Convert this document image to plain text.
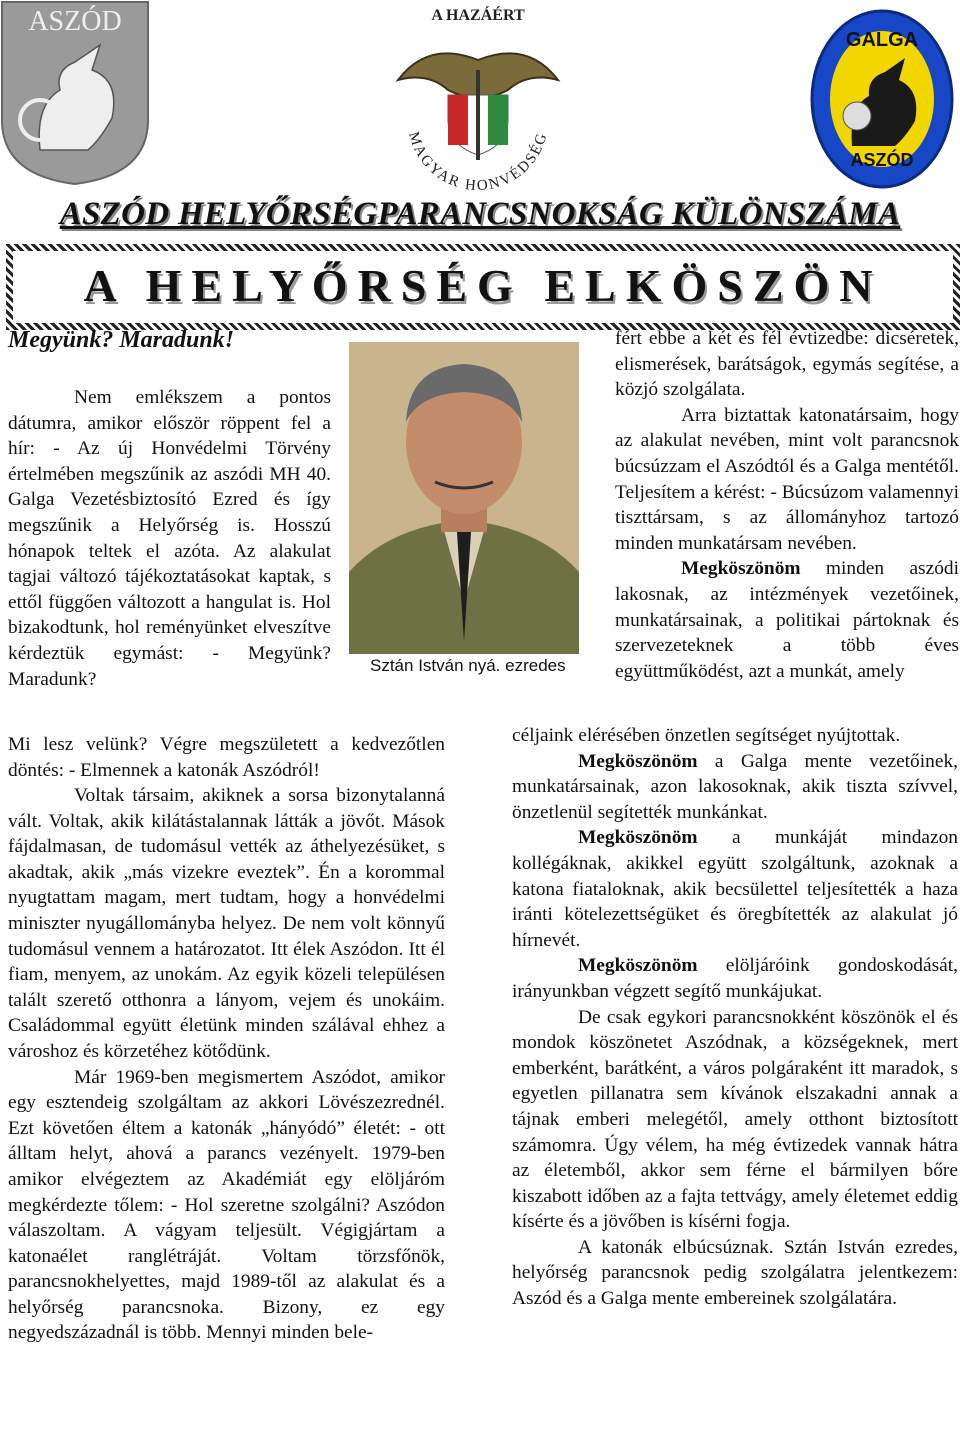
ASZÓD	A HAZÁÉRT
MAGYAR HONVÉDSÉG
GALGA
ASZÓD
ASZÓD HELYŐRSÉGPARANCSNOKSÁG KÜLÖNSZÁMA
A HELYŐRSÉG ELKÖSZÖN
Megyünk? Maradunk!

Nem emlékszem a pontos dátumra, amikor először röppent fel a hír: - Az új Honvédelmi Törvény értelmében megszűnik az aszódi MH 40. Galga Vezetésbiztosító Ezred és így megszűnik a Helyőrség is. Hosszú hónapok teltek el azóta. Az alakulat tagjai változó tájékoztatásokat kaptak, s ettől függően változott a hangulat is. Hol bizakodtunk, hol reményünket elveszítve kérdeztük egymást: - Megyünk? Maradunk?

Sztán István nyá. ezredes

fért ebbe a két és fél évtizedbe: dicséretek, elismerések, barátságok, egymás segítése, a közjó szolgálata.

Arra biztattak katonatársaim, hogy az alakulat nevében, mint volt parancsnok búcsúzzam el Aszódtól és a Galga mentétől. Teljesítem a kérést: - Búcsúzom valamennyi tiszttársam, s az állományhoz tartozó minden munkatársam nevében.

Megköszönöm minden aszódi lakosnak, az intézmények vezetőinek, munkatársainak, a politikai pártoknak és szervezeteknek a több éves együttműködést, azt a munkát, amely

Mi lesz velünk? Végre megszületett a kedvezőtlen döntés: - Elmennek a katonák Aszódról!

Voltak társaim, akiknek a sorsa bizonytalanná vált. Voltak, akik kilátástalannak látták a jövőt. Mások fájdalmasan, de tudomásul vették az áthelyezésüket, s akadtak, akik „más vizekre eveztek”. Én a korommal nyugtattam magam, mert tudtam, hogy a honvédelmi miniszter nyugállományba helyez. De nem volt könnyű tudomásul vennem a határozatot. Itt élek Aszódon. Itt él fiam, menyem, az unokám. Az egyik közeli településen talált szerető otthonra a lányom, vejem és unokáim. Családommal együtt életünk minden szálával ehhez a városhoz és körzetéhez kötődünk.

Már 1969-ben megismertem Aszódot, amikor egy esztendeig szolgáltam az akkori Lövészezrednél. Ezt követően éltem a katonák „hányódó” életét: - ott álltam helyt, ahová a parancs vezényelt. 1979-ben amikor elvégeztem az Akadémiát egy elöljáróm megkérdezte tőlem: - Hol szeretne szolgálni? Aszódon válaszoltam. A vágyam teljesült. Végigjártam a katonaélet ranglétráját. Voltam törzsfőnök, parancsnokhelyettes, majd 1989-től az alakulat és a helyőrség parancsnoka. Bizony, ez egy negyedszázadnál is több. Mennyi minden bele-

céljaink elérésében önzetlen segítséget nyújtottak.

Megköszönöm a Galga mente vezetőinek, munkatársainak, azon lakosoknak, akik tiszta szívvel, önzetlenül segítették munkánkat.

Megköszönöm a munkáját mindazon kollégáknak, akikkel együtt szolgáltunk, azoknak a katona fiataloknak, akik becsülettel teljesítették a haza iránti kötelezettségüket és öregbítették az alakulat jó hírnevét.

Megköszönöm elöljáróink gondoskodását, irányunkban végzett segítő munkájukat.

De csak egykori parancsnokként köszönök el és mondok köszönetet Aszódnak, a községeknek, mert emberként, barátként, a város polgáraként itt maradok, s egyetlen pillanatra sem kívánok elszakadni annak a tájnak emberi melegétől, amely otthont biztosított számomra. Úgy vélem, ha még évtizedek vannak hátra az életemből, akkor sem férne el bármilyen bőre kiszabott időben az a fajta tettvágy, amely életemet eddig kísérte és a jövőben is kísérni fogja.

A katonák elbúcsúznak. Sztán István ezredes, helyőrség parancsnok pedig szolgálatra jelentkezem: Aszód és a Galga mente embereinek szolgálatára.
